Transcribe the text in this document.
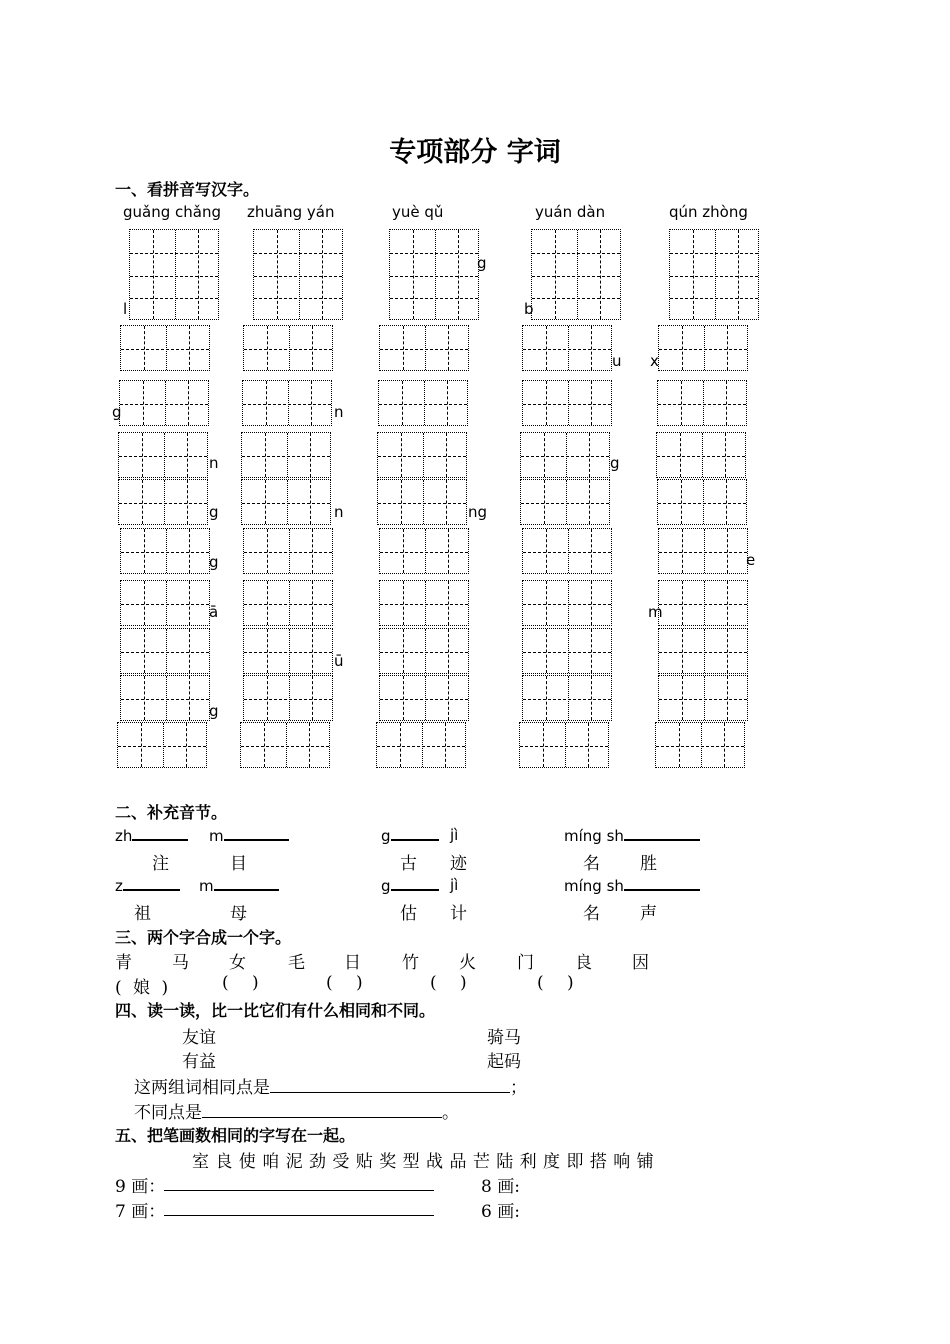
专项部分 字词
一、看拼音写汉字。
guǎng chǎng zhuāng yán	yuè qǔ	yuán dàn	qún zhòng
l
g
b
u x
g	n
n	g
g	n	ng
g	e
ā	m
ū
g
二、补充音节。
zh	m	g	jì	míng sh
注	目	古 迹	名 胜
z	m	g	jì	míng sh
祖	母	估 计	名 声
三、两个字合成一个字。
青 马 女 毛 日 竹 火 门 良 因
( 娘 )	( )	( )	( )	( )
四、读一读，比一比它们有什么相同和不同。
友谊	骑马
有益	起码
这两组词相同点是	；
不同点是	。
五、把笔画数相同的字写在一起。
室 良 使 咱 泥 劲 受 贴 奖 型 战 品 芒 陆 利 度 即 搭 响 铺
9 画：	8 画:
7 画：	6 画:
